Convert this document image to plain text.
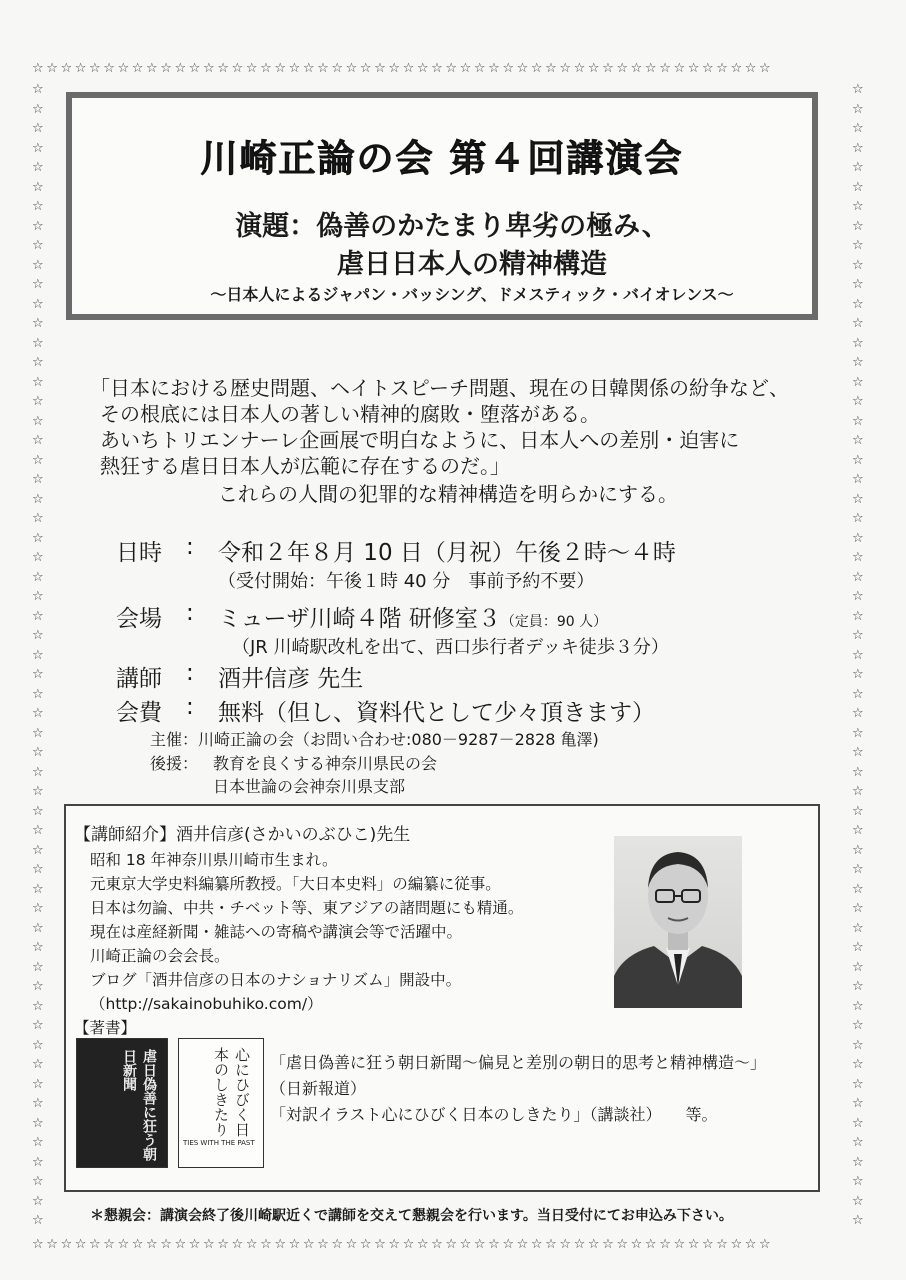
☆☆☆☆☆☆☆☆☆☆☆☆☆☆☆☆☆☆☆☆☆☆☆☆☆☆☆☆☆☆☆☆☆☆☆☆☆☆☆☆☆☆☆☆☆☆☆☆☆☆☆☆
☆☆☆☆☆☆☆☆☆☆☆☆☆☆☆☆☆☆☆☆☆☆☆☆☆☆☆☆☆☆☆☆☆☆☆☆☆☆☆☆☆☆☆☆☆☆☆☆☆☆☆☆☆☆☆☆☆☆☆
☆☆☆☆☆☆☆☆☆☆☆☆☆☆☆☆☆☆☆☆☆☆☆☆☆☆☆☆☆☆☆☆☆☆☆☆☆☆☆☆☆☆☆☆☆☆☆☆☆☆☆☆☆☆☆☆☆☆☆
☆☆☆☆☆☆☆☆☆☆☆☆☆☆☆☆☆☆☆☆☆☆☆☆☆☆☆☆☆☆☆☆☆☆☆☆☆☆☆☆☆☆☆☆☆☆☆☆☆☆☆☆
川崎正論の会 第４回講演会
演題：偽善のかたまり卑劣の極み、
虐日日本人の精神構造
～日本人によるジャパン・バッシング、ドメスティック・バイオレンス～
「日本における歴史問題、ヘイトスピーチ問題、現在の日韓関係の紛争など、
その根底には日本人の著しい精神的腐敗・堕落がある。
あいちトリエンナーレ企画展で明白なように、日本人への差別・迫害に
熱狂する虐日日本人が広範に存在するのだ。」
これらの人間の犯罪的な精神構造を明らかにする。
日時 : 令和２年８月 10 日（月祝）午後２時～４時
（受付開始：午後１時 40 分　事前予約不要）
会場 : ミューザ川崎４階 研修室３（定員：90 人）
（JR 川崎駅改札を出て、西口歩行者デッキ徒歩３分）
講師 : 酒井信彦 先生
会費 : 無料（但し、資料代として少々頂きます）
主催：川崎正論の会（お問い合わせ:080－9287－2828 亀澤)
後援： 教育を良くする神奈川県民の会
日本世論の会神奈川県支部
【講師紹介】酒井信彦(さかいのぶひこ)先生
昭和 18 年神奈川県川崎市生まれ。
元東京大学史料編纂所教授。「大日本史料」の編纂に従事。
日本は勿論、中共・チベット等、東アジアの諸問題にも精通。
現在は産経新聞・雑誌への寄稿や講演会等で活躍中。
川崎正論の会会長。
ブログ「酒井信彦の日本のナショナリズム」開設中。
（http://sakainobuhiko.com/）
【著書】
虐日偽善に狂う朝日新聞	心にひびく日本のしきたり
TIES WITH THE PAST
「虐日偽善に狂う朝日新聞～偏見と差別の朝日的思考と精神構造～」
（日新報道）
「対訳イラスト心にひびく日本のしきたり」（講談社）　　等。
＊懇親会：講演会終了後川崎駅近くで講師を交えて懇親会を行います。当日受付にてお申込み下さい。
